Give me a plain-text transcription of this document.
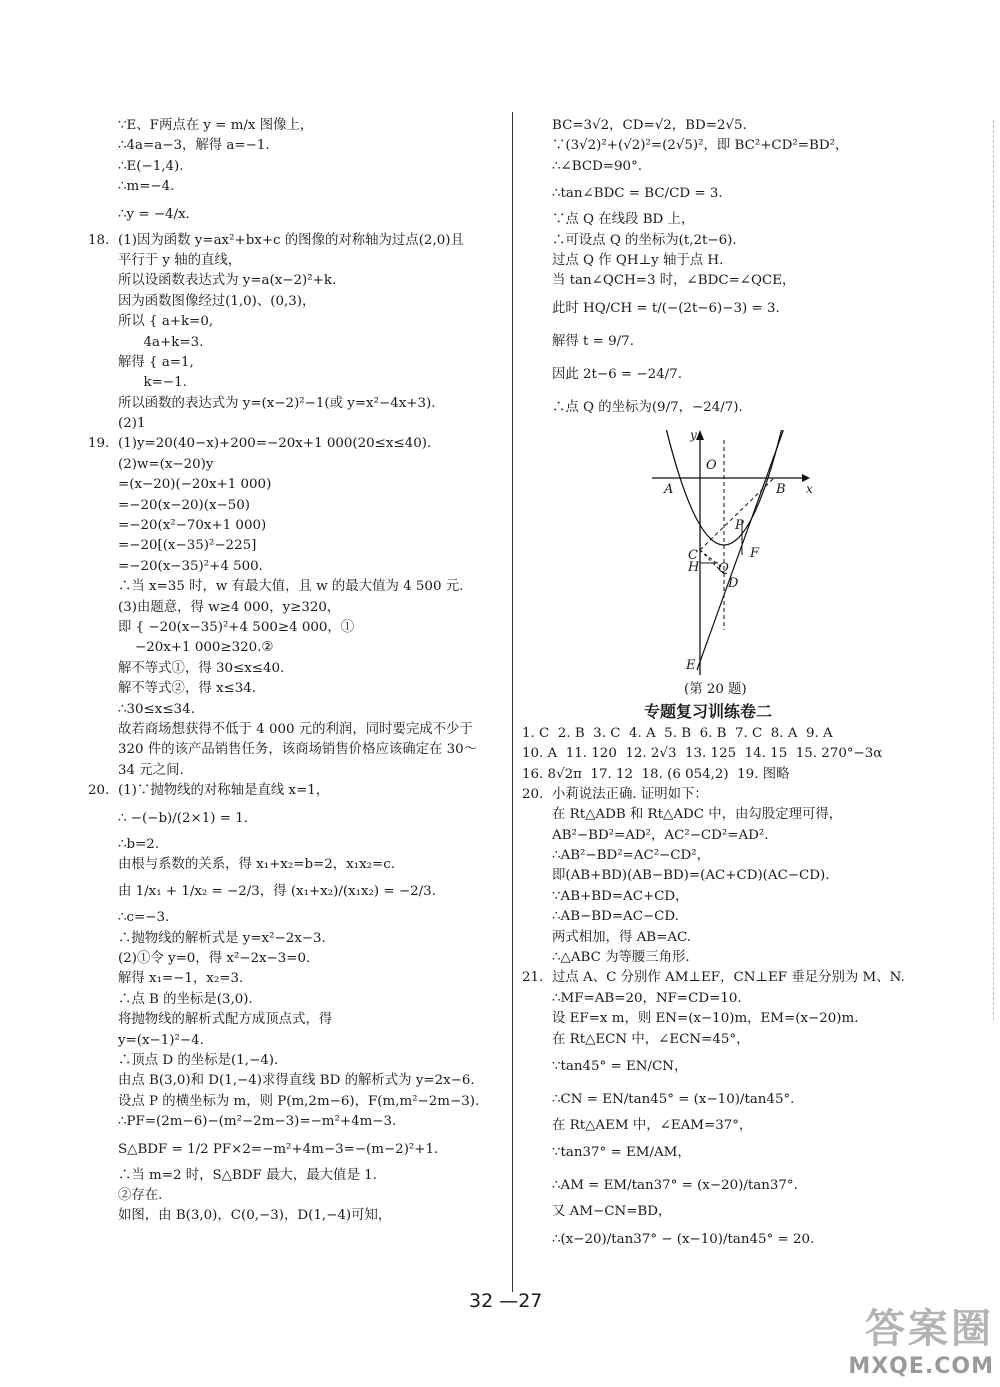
∵E、F两点在 y = m/x 图像上，
∴4a=a−3，解得 a=−1.
∴E(−1,4).
∴m=−4.
∴y = −4/x.
18. (1)因为函数 y=ax²+bx+c 的图像的对称轴为过点(2,0)且
平行于 y 轴的直线，
所以设函数表达式为 y=a(x−2)²+k.
因为函数图像经过(1,0)、(0,3)，
所以 { a+k=0,
4a+k=3.
解得 { a=1,
k=−1.
所以函数的表达式为 y=(x−2)²−1(或 y=x²−4x+3).
(2)1
19. (1)y=20(40−x)+200=−20x+1 000(20≤x≤40).
(2)w=(x−20)y
=(x−20)(−20x+1 000)
=−20(x−20)(x−50)
=−20(x²−70x+1 000)
=−20[(x−35)²−225]
=−20(x−35)²+4 500.
∴当 x=35 时，w 有最大值，且 w 的最大值为 4 500 元.
(3)由题意，得 w≥4 000，y≥320，
即 { −20(x−35)²+4 500≥4 000，①
−20x+1 000≥320.②
解不等式①，得 30≤x≤40.
解不等式②，得 x≤34.
∴30≤x≤34.
故若商场想获得不低于 4 000 元的利润，同时要完成不少于
320 件的该产品销售任务，该商场销售价格应该确定在 30～
34 元之间.
20. (1)∵抛物线的对称轴是直线 x=1，
∴ −(−b)/(2×1) = 1.
∴b=2.
由根与系数的关系，得 x₁+x₂=b=2，x₁x₂=c.
由 1/x₁ + 1/x₂ = −2/3，得 (x₁+x₂)/(x₁x₂) = −2/3.
∴c=−3.
∴抛物线的解析式是 y=x²−2x−3.
(2)①令 y=0，得 x²−2x−3=0.
解得 x₁=−1，x₂=3.
∴点 B 的坐标是(3,0).
将抛物线的解析式配方成顶点式，得
y=(x−1)²−4.
∴顶点 D 的坐标是(1,−4).
由点 B(3,0)和 D(1,−4)求得直线 BD 的解析式为 y=2x−6.
设点 P 的横坐标为 m，则 P(m,2m−6)，F(m,m²−2m−3).
∴PF=(2m−6)−(m²−2m−3)=−m²+4m−3.
S△BDF = 1/2 PF×2=−m²+4m−3=−(m−2)²+1.
∴当 m=2 时，S△BDF 最大，最大值是 1.
②存在.
如图，由 B(3,0)，C(0,−3)，D(1,−4)可知，
BC=3√2，CD=√2，BD=2√5.
∵(3√2)²+(√2)²=(2√5)²，即 BC²+CD²=BD²，
∴∠BCD=90°.
∴tan∠BDC = BC/CD = 3.
∵点 Q 在线段 BD 上，
∴可设点 Q 的坐标为(t,2t−6).
过点 Q 作 QH⊥y 轴于点 H.
当 tan∠QCH=3 时，∠BDC=∠QCE，
此时 HQ/CH = t/(−(2t−6)−3) = 3.
解得 t = 9/7.
因此 2t−6 = −24/7.
∴点 Q 的坐标为(9/7，−24/7).
y
O
A	B x
P
C
H Q
F
D
E
(第 20 题)
专题复习训练卷二
1. C  2. B  3. C  4. A  5. B  6. B  7. C  8. A  9. A
10. A  11. 120  12. 2√3  13. 125  14. 15  15. 270°−3α
16. 8√2π  17. 12  18. (6 054,2)  19. 图略
20. 小莉说法正确. 证明如下：
在 Rt△ADB 和 Rt△ADC 中，由勾股定理可得，
AB²−BD²=AD²，AC²−CD²=AD².
∴AB²−BD²=AC²−CD²，
即(AB+BD)(AB−BD)=(AC+CD)(AC−CD).
∵AB+BD=AC+CD，
∴AB−BD=AC−CD.
两式相加，得 AB=AC.
∴△ABC 为等腰三角形.
21. 过点 A、C 分别作 AM⊥EF，CN⊥EF 垂足分别为 M、N.
∴MF=AB=20，NF=CD=10.
设 EF=x m，则 EN=(x−10)m，EM=(x−20)m.
在 Rt△ECN 中，∠ECN=45°，
∵tan45° = EN/CN，
∴CN = EN/tan45° = (x−10)/tan45°.
在 Rt△AEM 中，∠EAM=37°，
∵tan37° = EM/AM，
∴AM = EM/tan37° = (x−20)/tan37°.
又 AM−CN=BD，
∴(x−20)/tan37° − (x−10)/tan45° = 20.
32 —27
答案圈
MXQE.COM
